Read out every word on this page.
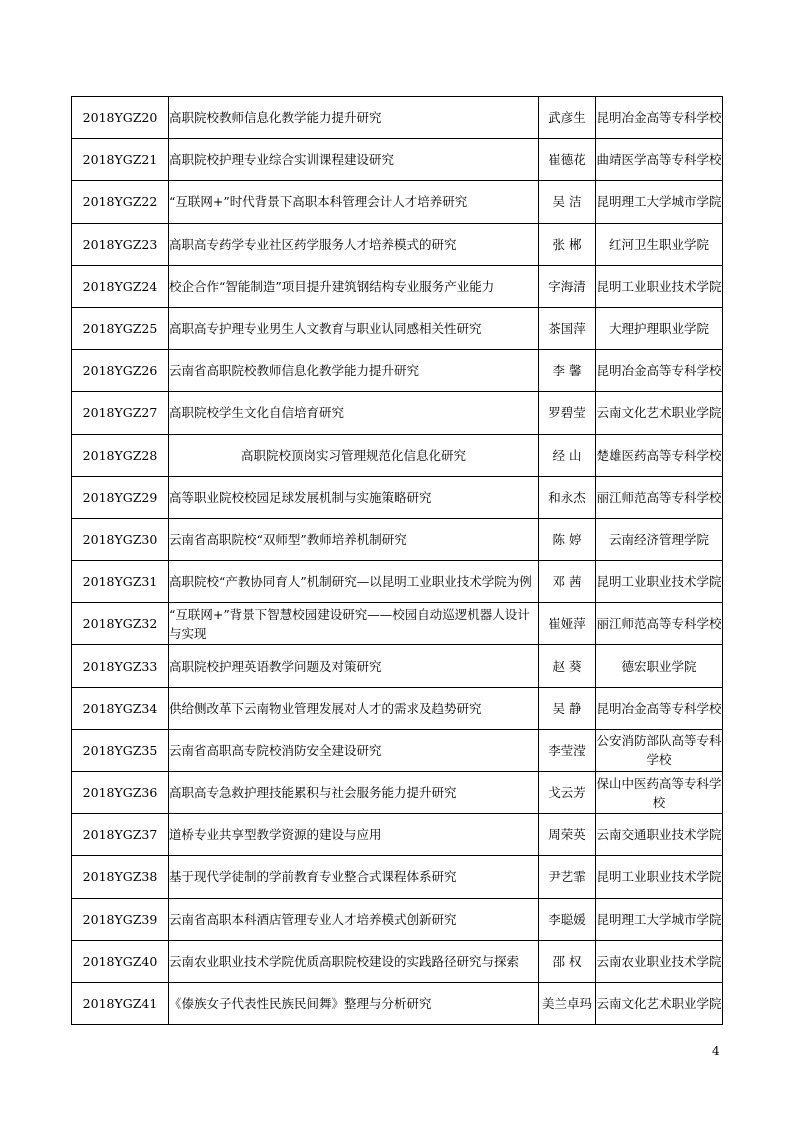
2018YGZ20	高职院校教师信息化教学能力提升研究	武彦生	昆明冶金高等专科学校
2018YGZ21	高职院校护理专业综合实训课程建设研究	崔德花	曲靖医学高等专科学校
2018YGZ22	“互联网+”时代背景下高职本科管理会计人才培养研究	吴 洁	昆明理工大学城市学院
2018YGZ23	高职高专药学专业社区药学服务人才培养模式的研究	张 郴	红河卫生职业学院
2018YGZ24	校企合作“智能制造”项目提升建筑钢结构专业服务产业能力	字海清	昆明工业职业技术学院
2018YGZ25	高职高专护理专业男生人文教育与职业认同感相关性研究	茶国萍	大理护理职业学院
2018YGZ26	云南省高职院校教师信息化教学能力提升研究	李 馨	昆明冶金高等专科学校
2018YGZ27	高职院校学生文化自信培育研究	罗碧莹	云南文化艺术职业学院
2018YGZ28	高职院校顶岗实习管理规范化信息化研究	经 山	楚雄医药高等专科学校
2018YGZ29	高等职业院校校园足球发展机制与实施策略研究	和永杰	丽江师范高等专科学校
2018YGZ30	云南省高职院校“双师型”教师培养机制研究	陈 婷	云南经济管理学院
2018YGZ31	高职院校“产教协同育人”机制研究—以昆明工业职业技术学院为例	邓 茜	昆明工业职业技术学院
2018YGZ32	“互联网+”背景下智慧校园建设研究——校园自动巡逻机器人设计与实现	崔娅萍	丽江师范高等专科学校
2018YGZ33	高职院校护理英语教学问题及对策研究	赵 葵	德宏职业学院
2018YGZ34	供给侧改革下云南物业管理发展对人才的需求及趋势研究	吴 静	昆明冶金高等专科学校
2018YGZ35	云南省高职高专院校消防安全建设研究	李莹滢	公安消防部队高等专科学校
2018YGZ36	高职高专急救护理技能累积与社会服务能力提升研究	戈云芳	保山中医药高等专科学校
2018YGZ37	道桥专业共享型教学资源的建设与应用	周荣英	云南交通职业技术学院
2018YGZ38	基于现代学徒制的学前教育专业整合式课程体系研究	尹艺霏	昆明工业职业技术学院
2018YGZ39	云南省高职本科酒店管理专业人才培养模式创新研究	李聪媛	昆明理工大学城市学院
2018YGZ40	云南农业职业技术学院优质高职院校建设的实践路径研究与探索	邵 权	云南农业职业技术学院
2018YGZ41	《傣族女子代表性民族民间舞》整理与分析研究	美兰卓玛	云南文化艺术职业学院
4
